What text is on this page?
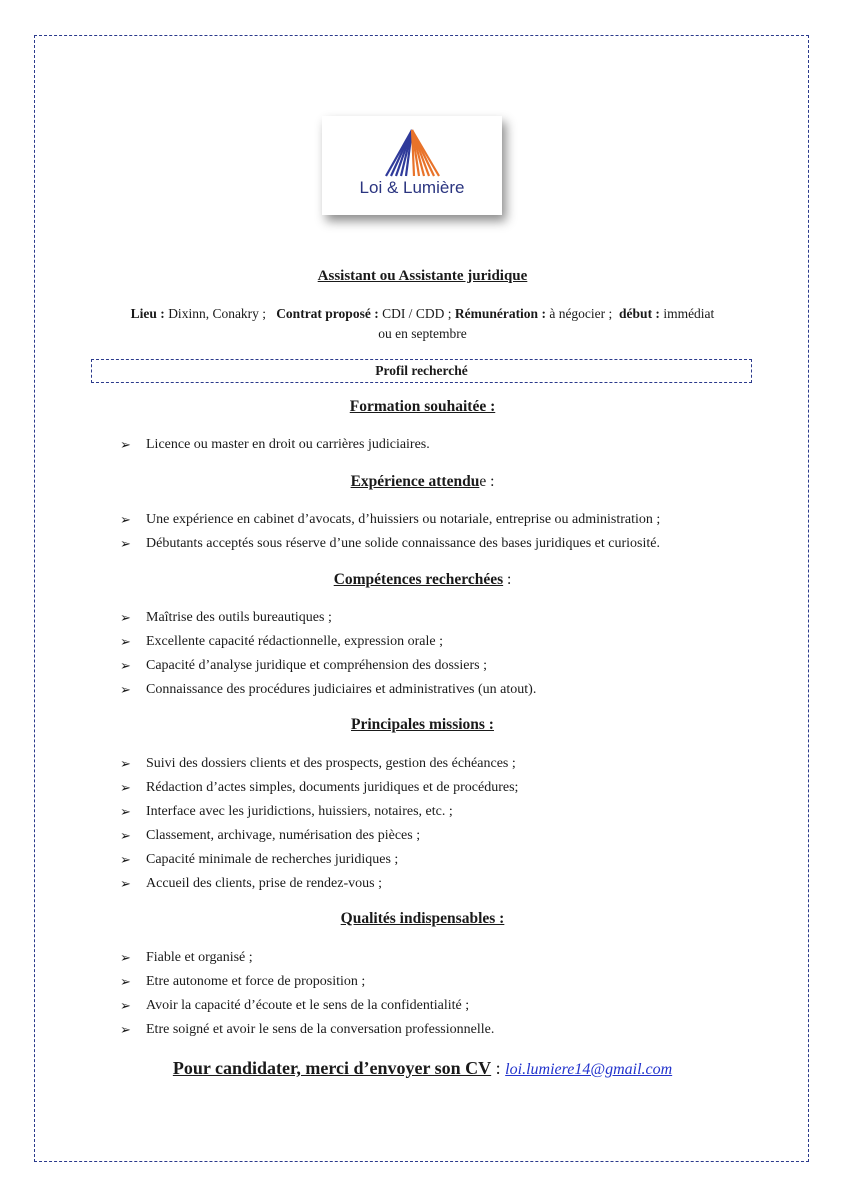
Loi & Lumière
Assistant ou Assistante juridique
Lieu : Dixinn, Conakry ; Contrat proposé : CDI / CDD ; Rémunération : à négocier ; début : immédiat
ou en septembre
Profil recherché
Formation souhaitée :
➢ Licence ou master en droit ou carrières judiciaires.
Expérience attendue :
➢ Une expérience en cabinet d’avocats, d’huissiers ou notariale, entreprise ou administration ;
➢ Débutants acceptés sous réserve d’une solide connaissance des bases juridiques et curiosité.
Compétences recherchées :
➢ Maîtrise des outils bureautiques ;
➢ Excellente capacité rédactionnelle, expression orale ;
➢ Capacité d’analyse juridique et compréhension des dossiers ;
➢ Connaissance des procédures judiciaires et administratives (un atout).
Principales missions :
➢ Suivi des dossiers clients et des prospects, gestion des échéances ;
➢ Rédaction d’actes simples, documents juridiques et de procédures;
➢ Interface avec les juridictions, huissiers, notaires, etc. ;
➢ Classement, archivage, numérisation des pièces ;
➢ Capacité minimale de recherches juridiques ;
➢ Accueil des clients, prise de rendez-vous ;
Qualités indispensables :
➢ Fiable et organisé ;
➢ Etre autonome et force de proposition ;
➢ Avoir la capacité d’écoute et le sens de la confidentialité ;
➢ Etre soigné et avoir le sens de la conversation professionnelle.
Pour candidater, merci d’envoyer son CV : loi.lumiere14@gmail.com
